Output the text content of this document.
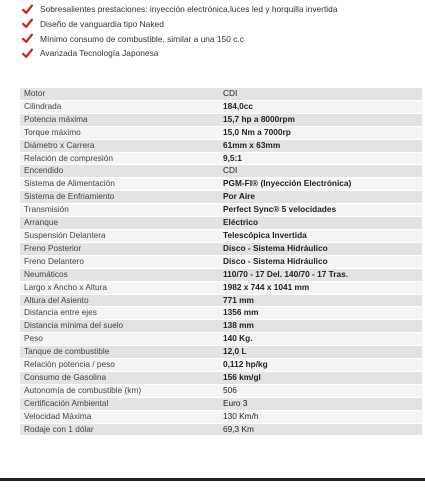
Sobresalientes prestaciones: inyección electrónica,luces led y horquilla invertida
Diseño de vanguardia tipo Naked
Mínimo consumo de combustible, similar a una 150 c.c
Avanzada Tecnología Japonesa
Motor	CDI
Cilindrada	184,0cc
Potencia máxima	15,7 hp a 8000rpm
Torque máximo	15,0 Nm a 7000rp
Diámetro x Carrera	61mm x 63mm
Relación de compresión	9,5:1
Encendido	CDI
Sistema de Alimentación	PGM-FI® (Inyección Electrónica)
Sistema de Enfriamiento	Por Aire
Transmisión	Perfect Sync® 5 velocidades
Arranque	Eléctrico
Suspensión Delantera	Telescópica Invertida
Freno Posterior	Disco - Sistema Hidráulico
Freno Delantero	Disco - Sistema Hidráulico
Neumáticos	110/70 - 17 Del. 140/70 - 17 Tras.
Largo x Ancho x Altura	1982 x 744 x 1041 mm
Altura del Asiento	771 mm
Distancia entre ejes	1356 mm
Distancia mínima del suelo	138 mm
Peso	140 Kg.
Tanque de combustible	12,0 L
Relación potencia / peso	0,112 hp/kg
Consumo de Gasolina	156 km/gl
Autonomía de combustible (km)	506
Certificación Ambiental	Euro 3
Velocidad Máxima	130 Km/h
Rodaje con 1 dólar	69,3 Km
